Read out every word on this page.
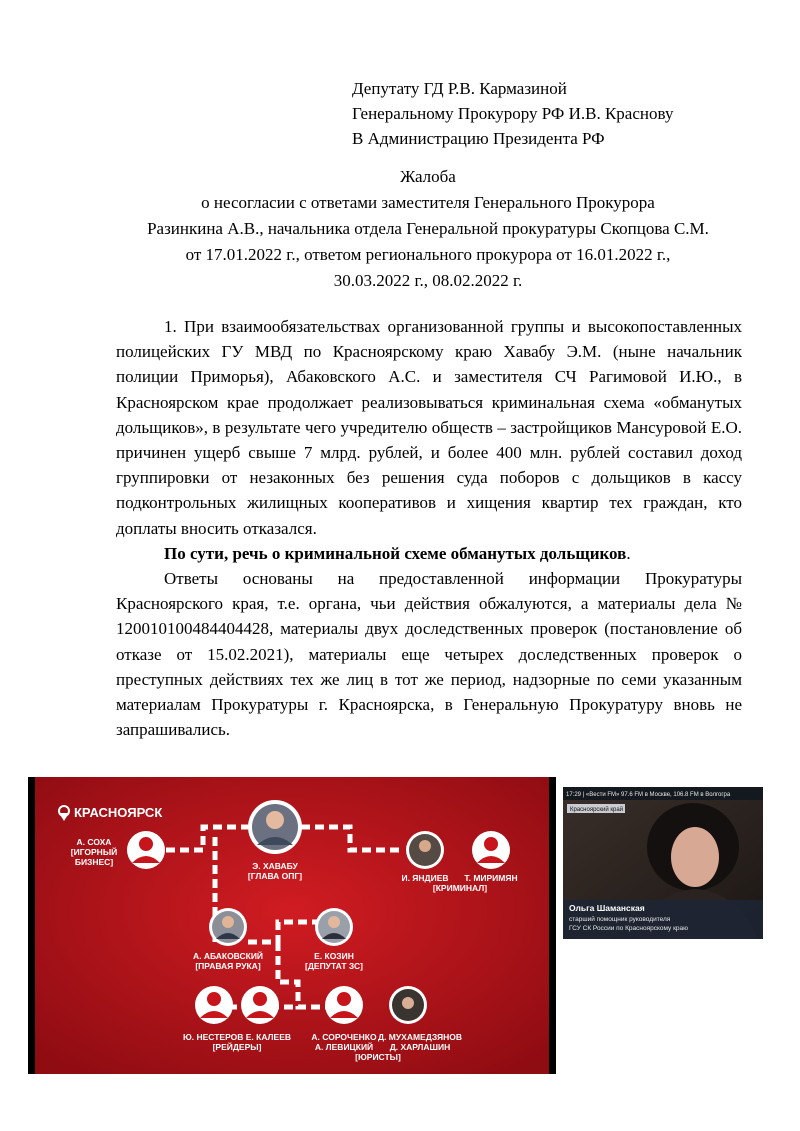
Депутату ГД Р.В. Кармазиной
Генеральному Прокурору РФ И.В. Краснову
В Администрацию Президента РФ
Жалоба
о несогласии с ответами заместителя Генерального Прокурора
Разинкина А.В., начальника отдела Генеральной прокуратуры Скопцова С.М.
от 17.01.2022 г., ответом регионального прокурора от 16.01.2022 г.,
30.03.2022 г., 08.02.2022 г.

1. При взаимообязательствах организованной группы и высокопоставленных полицейских ГУ МВД по Красноярскому краю Хавабу Э.М. (ныне начальник полиции Приморья), Абаковского А.С. и заместителя СЧ Рагимовой И.Ю., в Красноярском крае продолжает реализовываться криминальная схема «обманутых дольщиков», в результате чего учредителю обществ – застройщиков Мансуровой Е.О. причинен ущерб свыше 7 млрд. рублей, и более 400 млн. рублей составил доход группировки от незаконных без решения суда поборов с дольщиков в кассу подконтрольных жилищных кооперативов и хищения квартир тех граждан, кто доплаты вносить отказался.

По сути, речь о криминальной схеме обманутых дольщиков.

Ответы основаны на предоставленной информации Прокуратуры Красноярского края, т.е. органа, чьи действия обжалуются, а материалы дела № 120010100484404428, материалы двух доследственных проверок (постановление об отказе от 15.02.2021), материалы еще четырех доследственных проверок о преступных действиях тех же лиц в тот же период, надзорные по семи указанным материалам Прокуратуры г. Красноярска, в Генеральную Прокуратуру вновь не запрашивались.

КРАСНОЯРСК
А. СОХА
[ИГОРНЫЙ
БИЗНЕС]	Э. ХАВАБУ
[ГЛАВА ОПГ]	И. ЯНДИЕВ Т. МИРИМЯН
[КРИМИНАЛ]
А. АБАКОВСКИЙ
[ПРАВАЯ РУКА]
Е. КОЗИН
[ДЕПУТАТ ЗС]
Ю. НЕСТЕРОВ Е. КАЛЕЕВ
[РЕЙДЕРЫ]
А. СОРОЧЕНКО
А. ЛЕВИЦКИЙ
Д. МУХАМЕДЗЯНОВ
Д. ХАРЛАШИН
[ЮРИСТЫ]
17:29 | «Вести FM» 97.6 FM в Москве, 106.8 FM в Волгогра
Красноярский край
Ольга Шаманская
старший помощник руководителя
ГСУ СК России по Красноярскому краю
